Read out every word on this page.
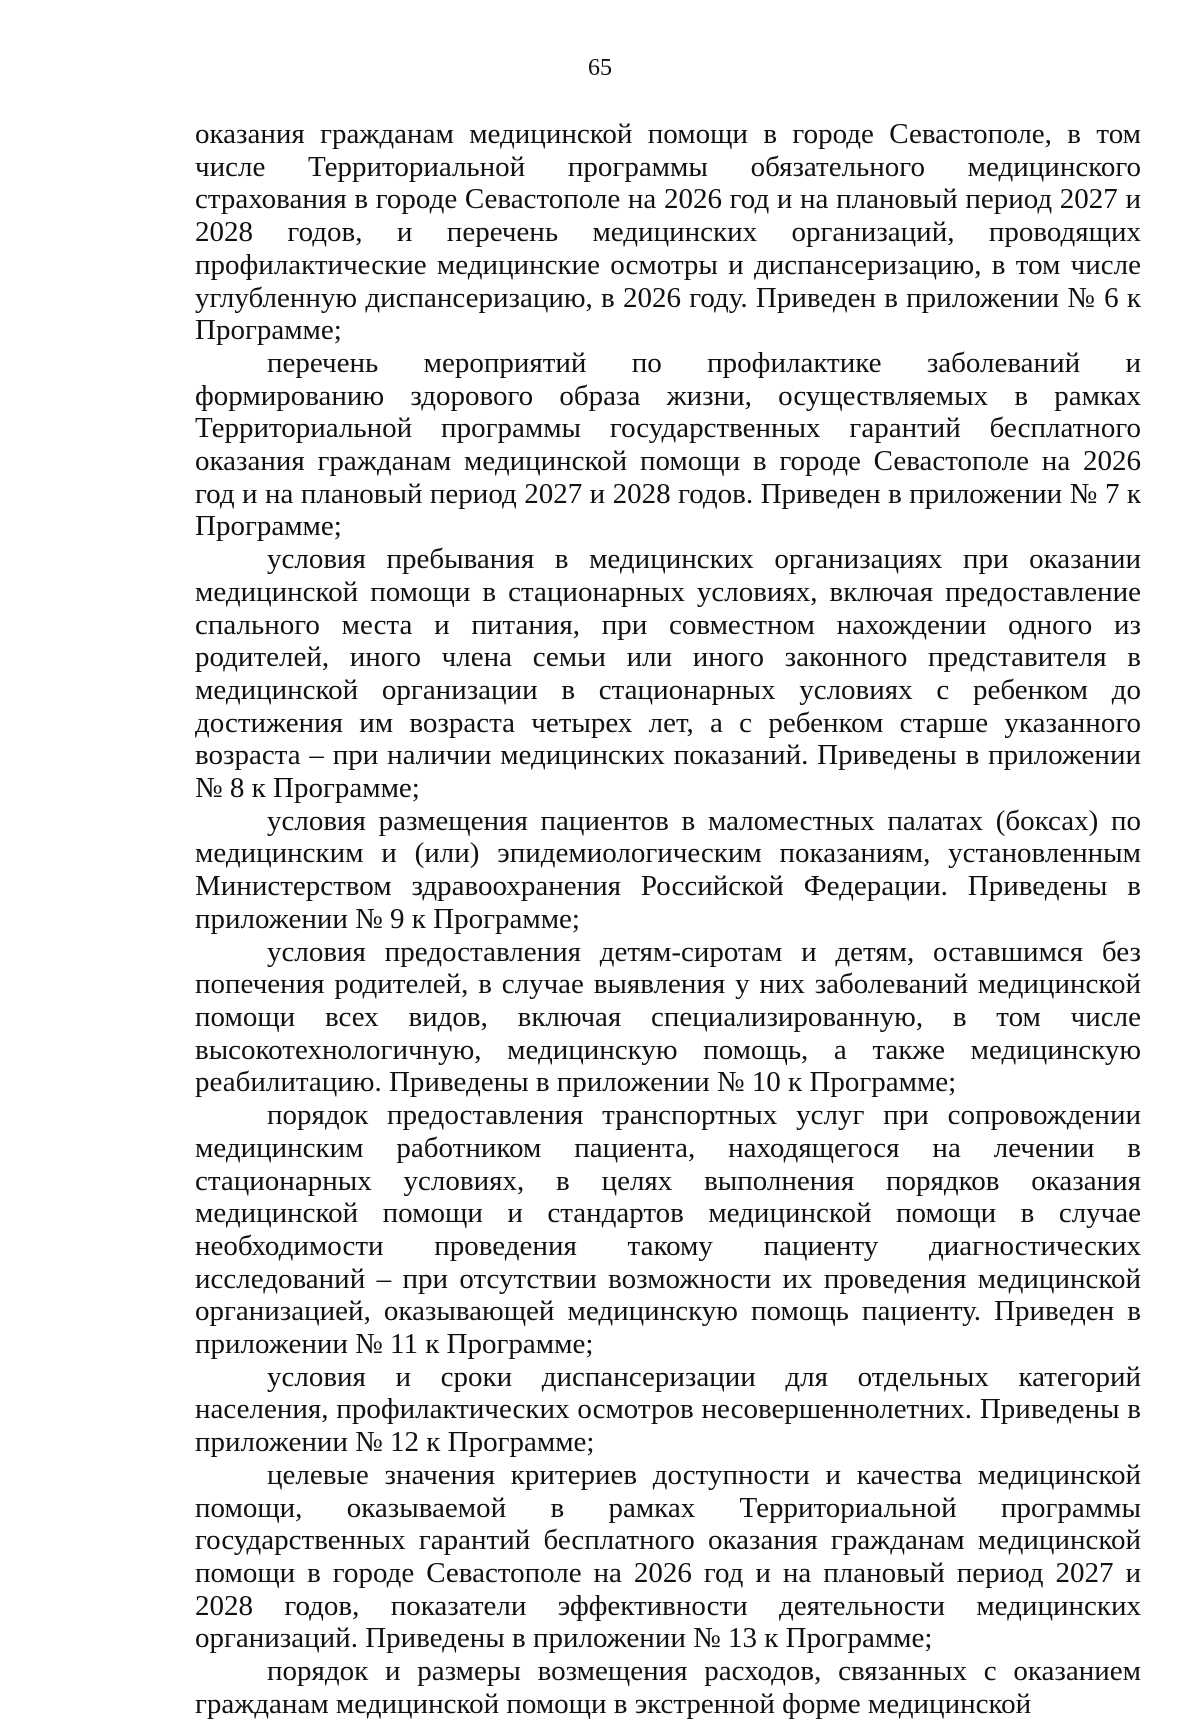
65

оказания гражданам медицинской помощи в городе Севастополе, в том числе Территориальной программы обязательного медицинского страхования в городе Севастополе на 2026 год и на плановый период 2027 и 2028 годов, и перечень медицинских организаций, проводящих профилактические медицинские осмотры и диспансеризацию, в том числе углубленную диспансеризацию, в 2026 году. Приведен в приложении № 6 к Программе;

перечень мероприятий по профилактике заболеваний и формированию здорового образа жизни, осуществляемых в рамках Территориальной программы государственных гарантий бесплатного оказания гражданам медицинской помощи в городе Севастополе на 2026 год и на плановый период 2027 и 2028 годов. Приведен в приложении № 7 к Программе;

условия пребывания в медицинских организациях при оказании медицинской помощи в стационарных условиях, включая предоставление спального места и питания, при совместном нахождении одного из родителей, иного члена семьи или иного законного представителя в медицинской организации в стационарных условиях с ребенком до достижения им возраста четырех лет, а с ребенком старше указанного возраста – при наличии медицинских показаний. Приведены в приложении № 8 к Программе;

условия размещения пациентов в маломестных палатах (боксах) по медицинским и (или) эпидемиологическим показаниям, установленным Министерством здравоохранения Российской Федерации. Приведены в приложении № 9 к Программе;

условия предоставления детям-сиротам и детям, оставшимся без попечения родителей, в случае выявления у них заболеваний медицинской помощи всех видов, включая специализированную, в том числе высокотехнологичную, медицинскую помощь, а также медицинскую реабилитацию. Приведены в приложении № 10 к Программе;

порядок предоставления транспортных услуг при сопровождении медицинским работником пациента, находящегося на лечении в стационарных условиях, в целях выполнения порядков оказания медицинской помощи и стандартов медицинской помощи в случае необходимости проведения такому пациенту диагностических исследований – при отсутствии возможности их проведения медицинской организацией, оказывающей медицинскую помощь пациенту. Приведен в приложении № 11 к Программе;

условия и сроки диспансеризации для отдельных категорий населения, профилактических осмотров несовершеннолетних. Приведены в приложении № 12 к Программе;

целевые значения критериев доступности и качества медицинской помощи, оказываемой в рамках Территориальной программы государственных гарантий бесплатного оказания гражданам медицинской помощи в городе Севастополе на 2026 год и на плановый период 2027 и 2028 годов, показатели эффективности деятельности медицинских организаций. Приведены в приложении № 13 к Программе;

порядок и размеры возмещения расходов, связанных с оказанием гражданам медицинской помощи в экстренной форме медицинской
